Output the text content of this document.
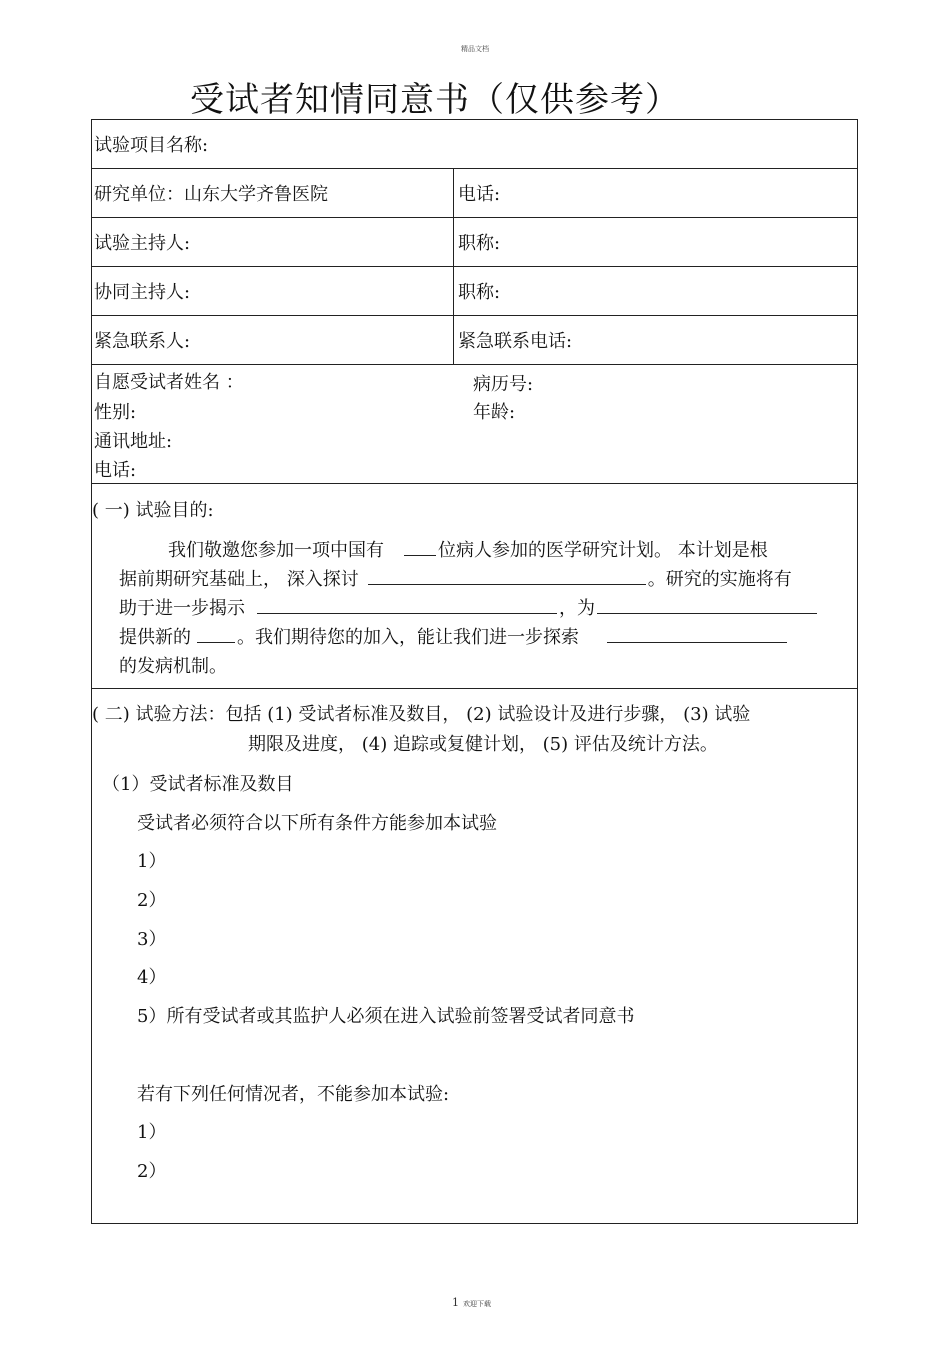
精品文档
受试者知情同意书（仅供参考）
试验项目名称:
研究单位：山东大学齐鲁医院	电话:
试验主持人:	职称:
协同主持人:	职称:
紧急联系人:	紧急联系电话:
自愿受试者姓名 ：	病历号:
性别:	年龄:
通讯地址:
电话:
( 一) 试验目的:
我们敬邀您参加一项中国有	位病人参加的医学研究计划。 本计划是根
据前期研究基础上， 深入探讨	。研究的实施将有
助于进一步揭示	，为
提供新的	。我们期待您的加入，能让我们进一步探索
的发病机制。
( 二) 试验方法：包括 (1) 受试者标准及数目， (2) 试验设计及进行步骤， (3) 试验
期限及进度， (4) 追踪或复健计划， (5) 评估及统计方法。
（1）受试者标准及数目
受试者必须符合以下所有条件方能参加本试验
1）
2）
3）
4）
5）所有受试者或其监护人必须在进入试验前签署受试者同意书
若有下列任何情况者，不能参加本试验:
1）
2）
1 欢迎下载
